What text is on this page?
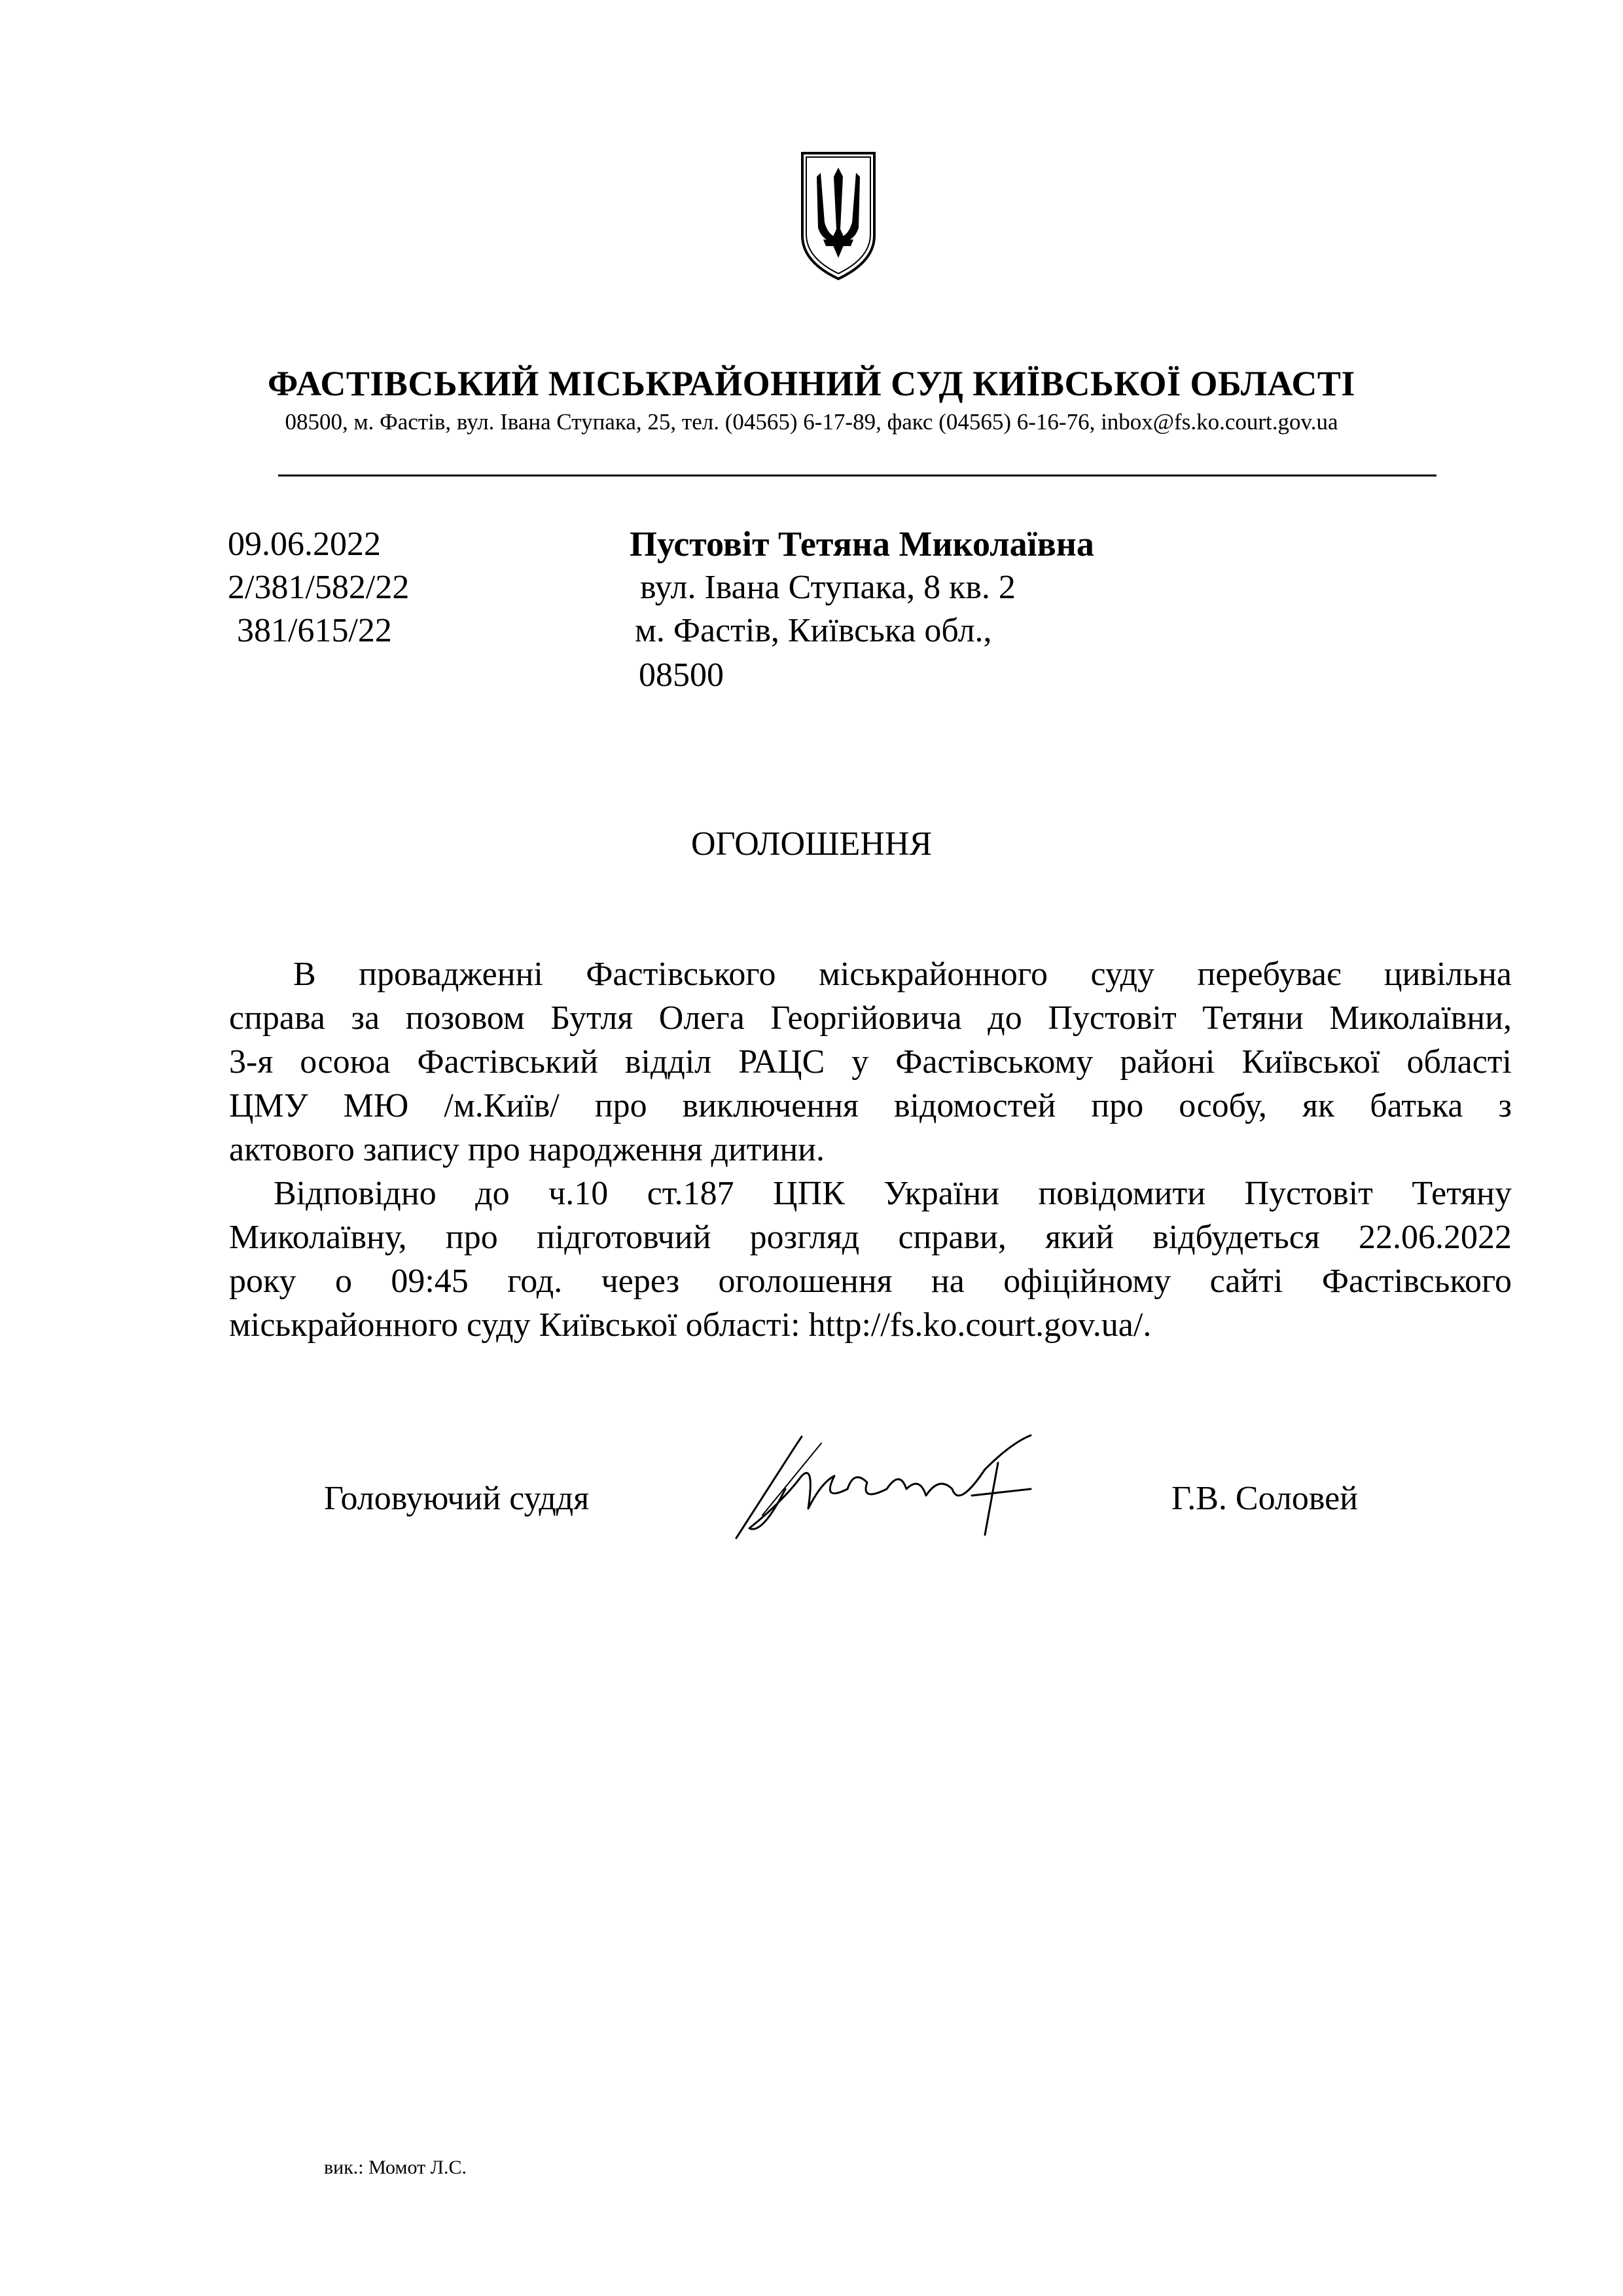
ФАСТІВСЬКИЙ МІСЬКРАЙОННИЙ СУД КИЇВСЬКОЇ ОБЛАСТІ
08500, м. Фастів, вул. Івана Ступака, 25, тел. (04565) 6-17-89, факс (04565) 6-16-76, inbox@fs.ko.court.gov.ua
09.06.2022
2/381/582/22
381/615/22
Пустовіт Тетяна Миколаївна
вул. Івана Ступака, 8 кв. 2
м. Фастів, Київська обл.,
08500
ОГОЛОШЕННЯ
В провадженні Фастівського міськрайонного суду перебуває цивільна
справа за позовом Бутля Олега Георгійовича до Пустовіт Тетяни Миколаївни,
3-я осоюа Фастівський відділ РАЦС у Фастівському районі Київської області
ЦМУ МЮ /м.Київ/ про виключення відомостей про особу, як батька з
актового запису про народження дитини.
Відповідно до ч.10 ст.187 ЦПК України повідомити Пустовіт Тетяну
Миколаївну, про підготовчий розгляд справи, який відбудеться 22.06.2022
року о 09:45 год. через оголошення на офіційному сайті Фастівського
міськрайонного суду Київської області: http://fs.ko.court.gov.ua/.
Головуючий суддя	Г.В. Соловей
вик.: Момот Л.С.
